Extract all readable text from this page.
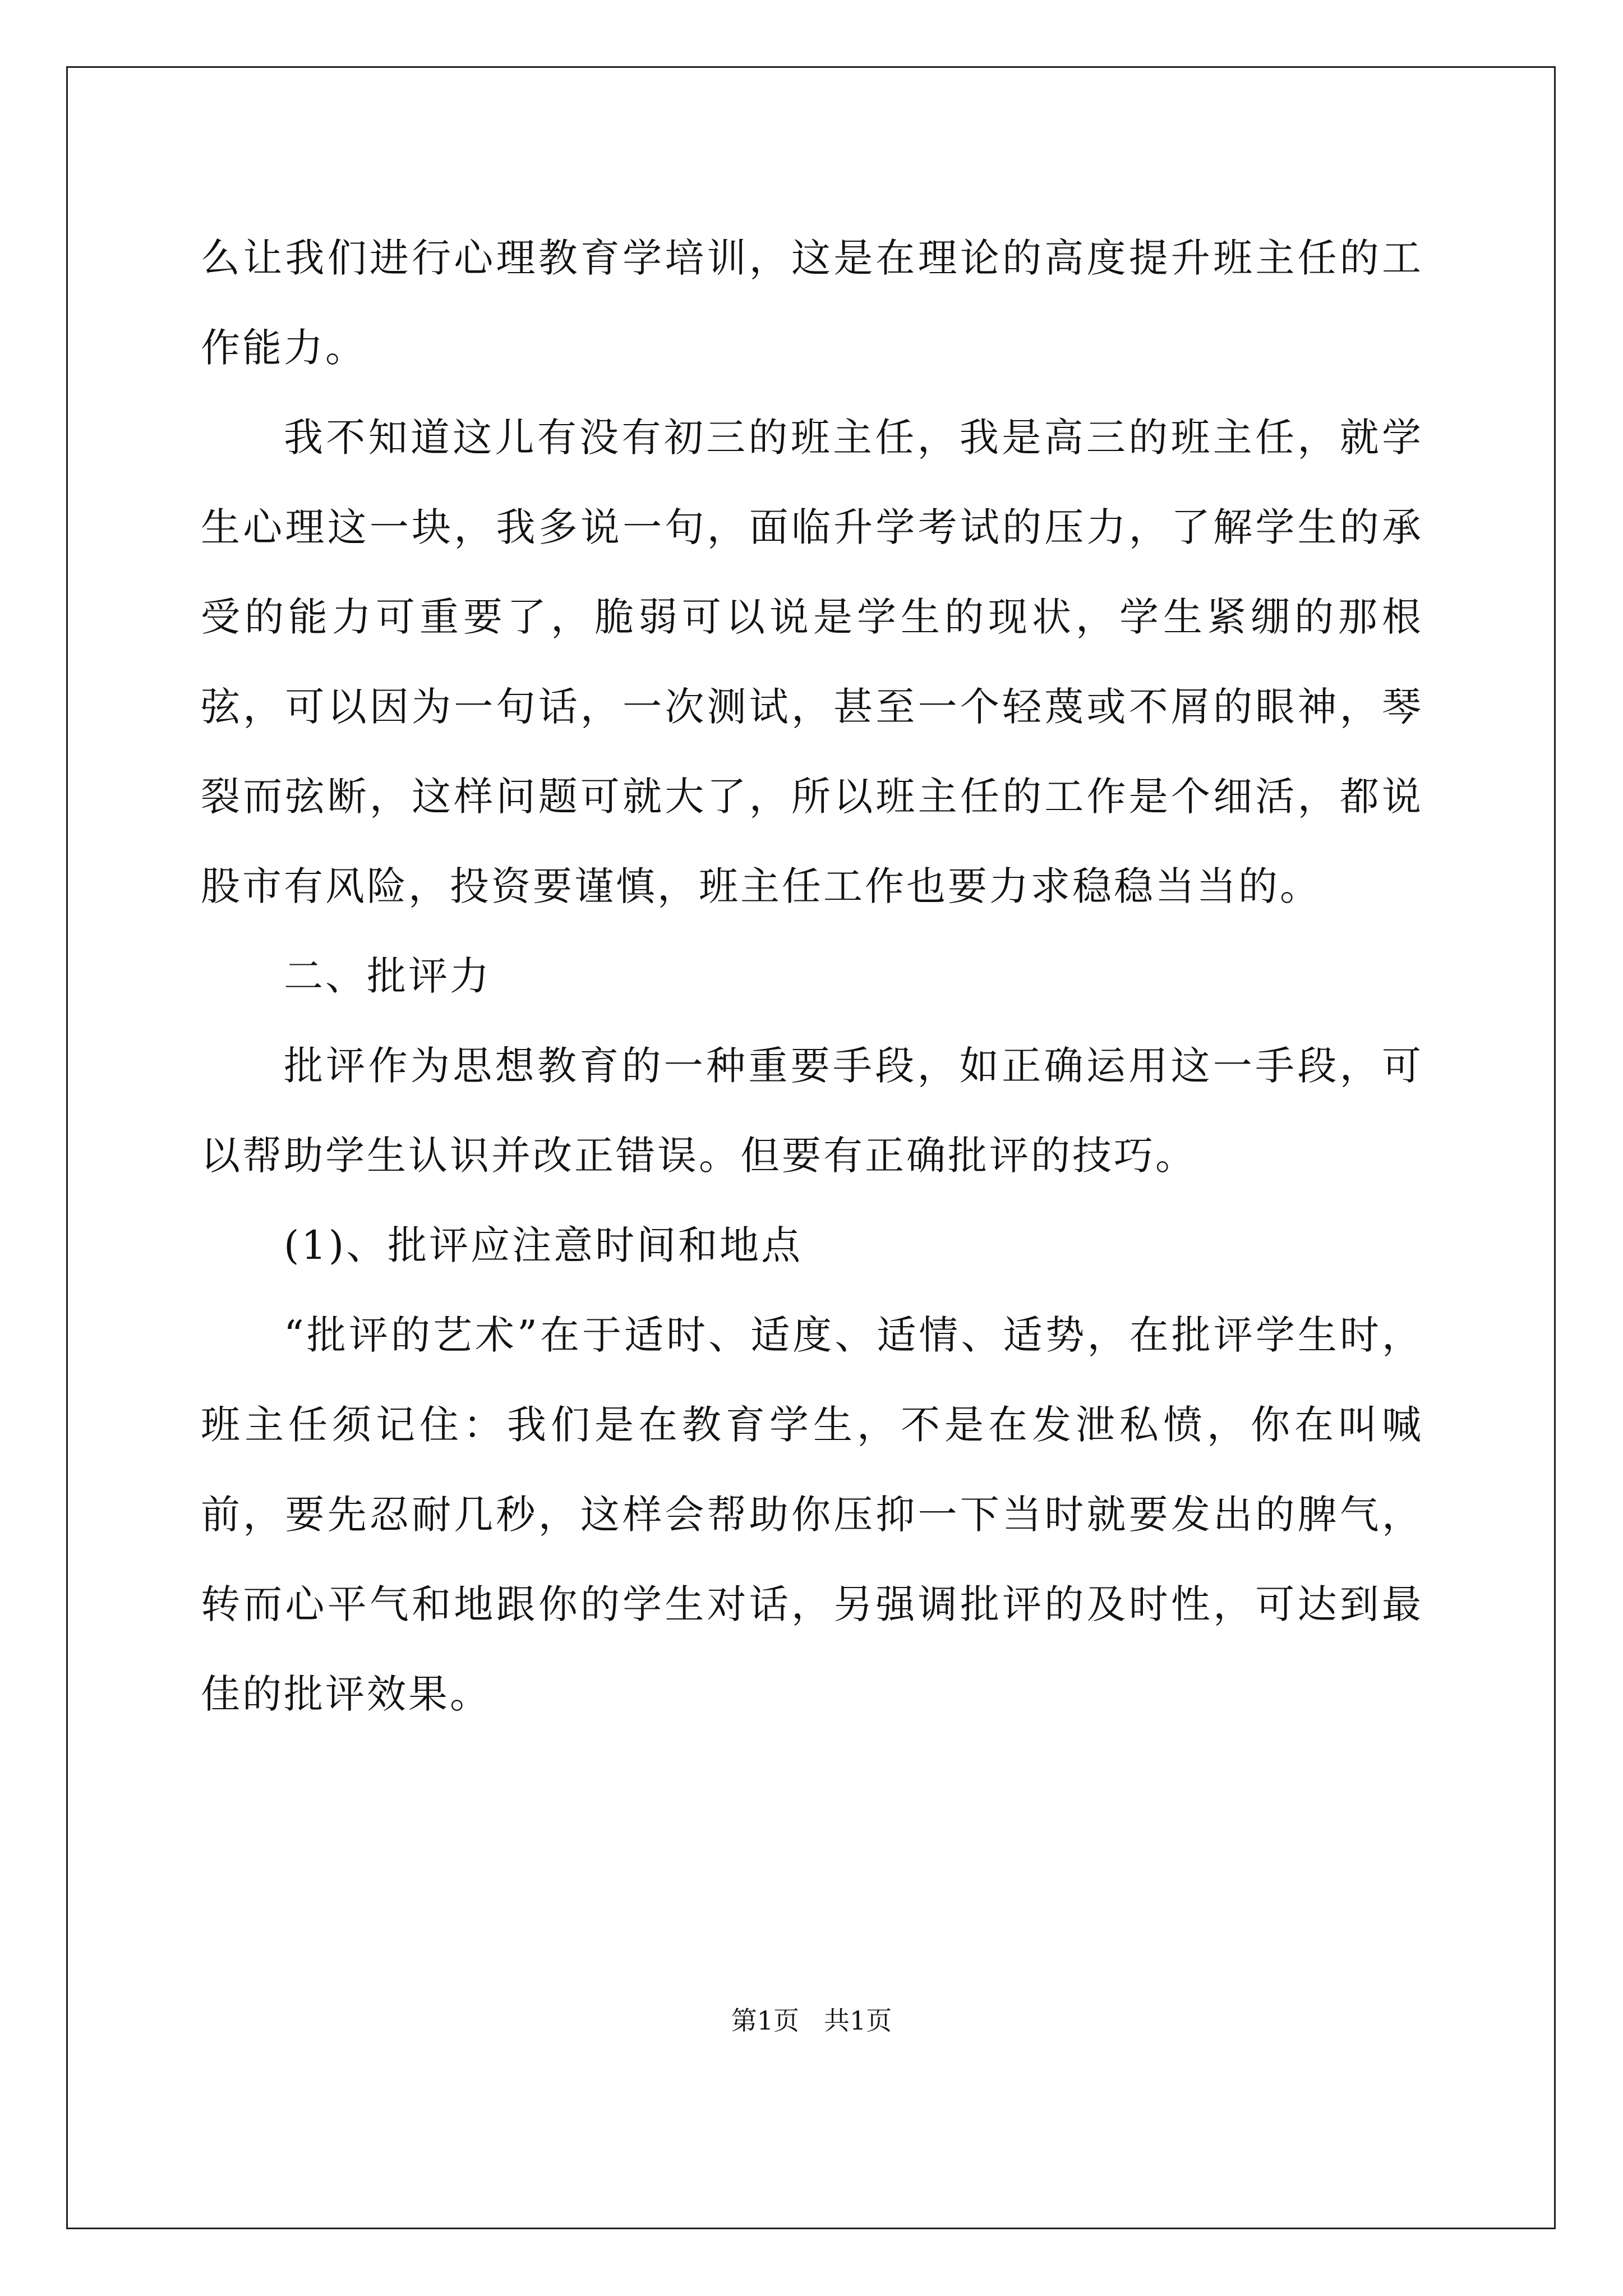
么让我们进行心理教育学培训，这是在理论的高度提升班主任的工作能力。

我不知道这儿有没有初三的班主任，我是高三的班主任，就学生心理这一块，我多说一句，面临升学考试的压力，了解学生的承受的能力可重要了，脆弱可以说是学生的现状，学生紧绷的那根弦，可以因为一句话，一次测试，甚至一个轻蔑或不屑的眼神，琴裂而弦断，这样问题可就大了，所以班主任的工作是个细活，都说股市有风险，投资要谨慎，班主任工作也要力求稳稳当当的。

二、批评力

批评作为思想教育的一种重要手段，如正确运用这一手段，可以帮助学生认识并改正错误。但要有正确批评的技巧。

(1)、批评应注意时间和地点

“批评的艺术”在于适时、适度、适情、适势，在批评学生时，班主任须记住：我们是在教育学生，不是在发泄私愤，你在叫喊前，要先忍耐几秒，这样会帮助你压抑一下当时就要发出的脾气，转而心平气和地跟你的学生对话，另强调批评的及时性，可达到最佳的批评效果。

第1页 共1页
